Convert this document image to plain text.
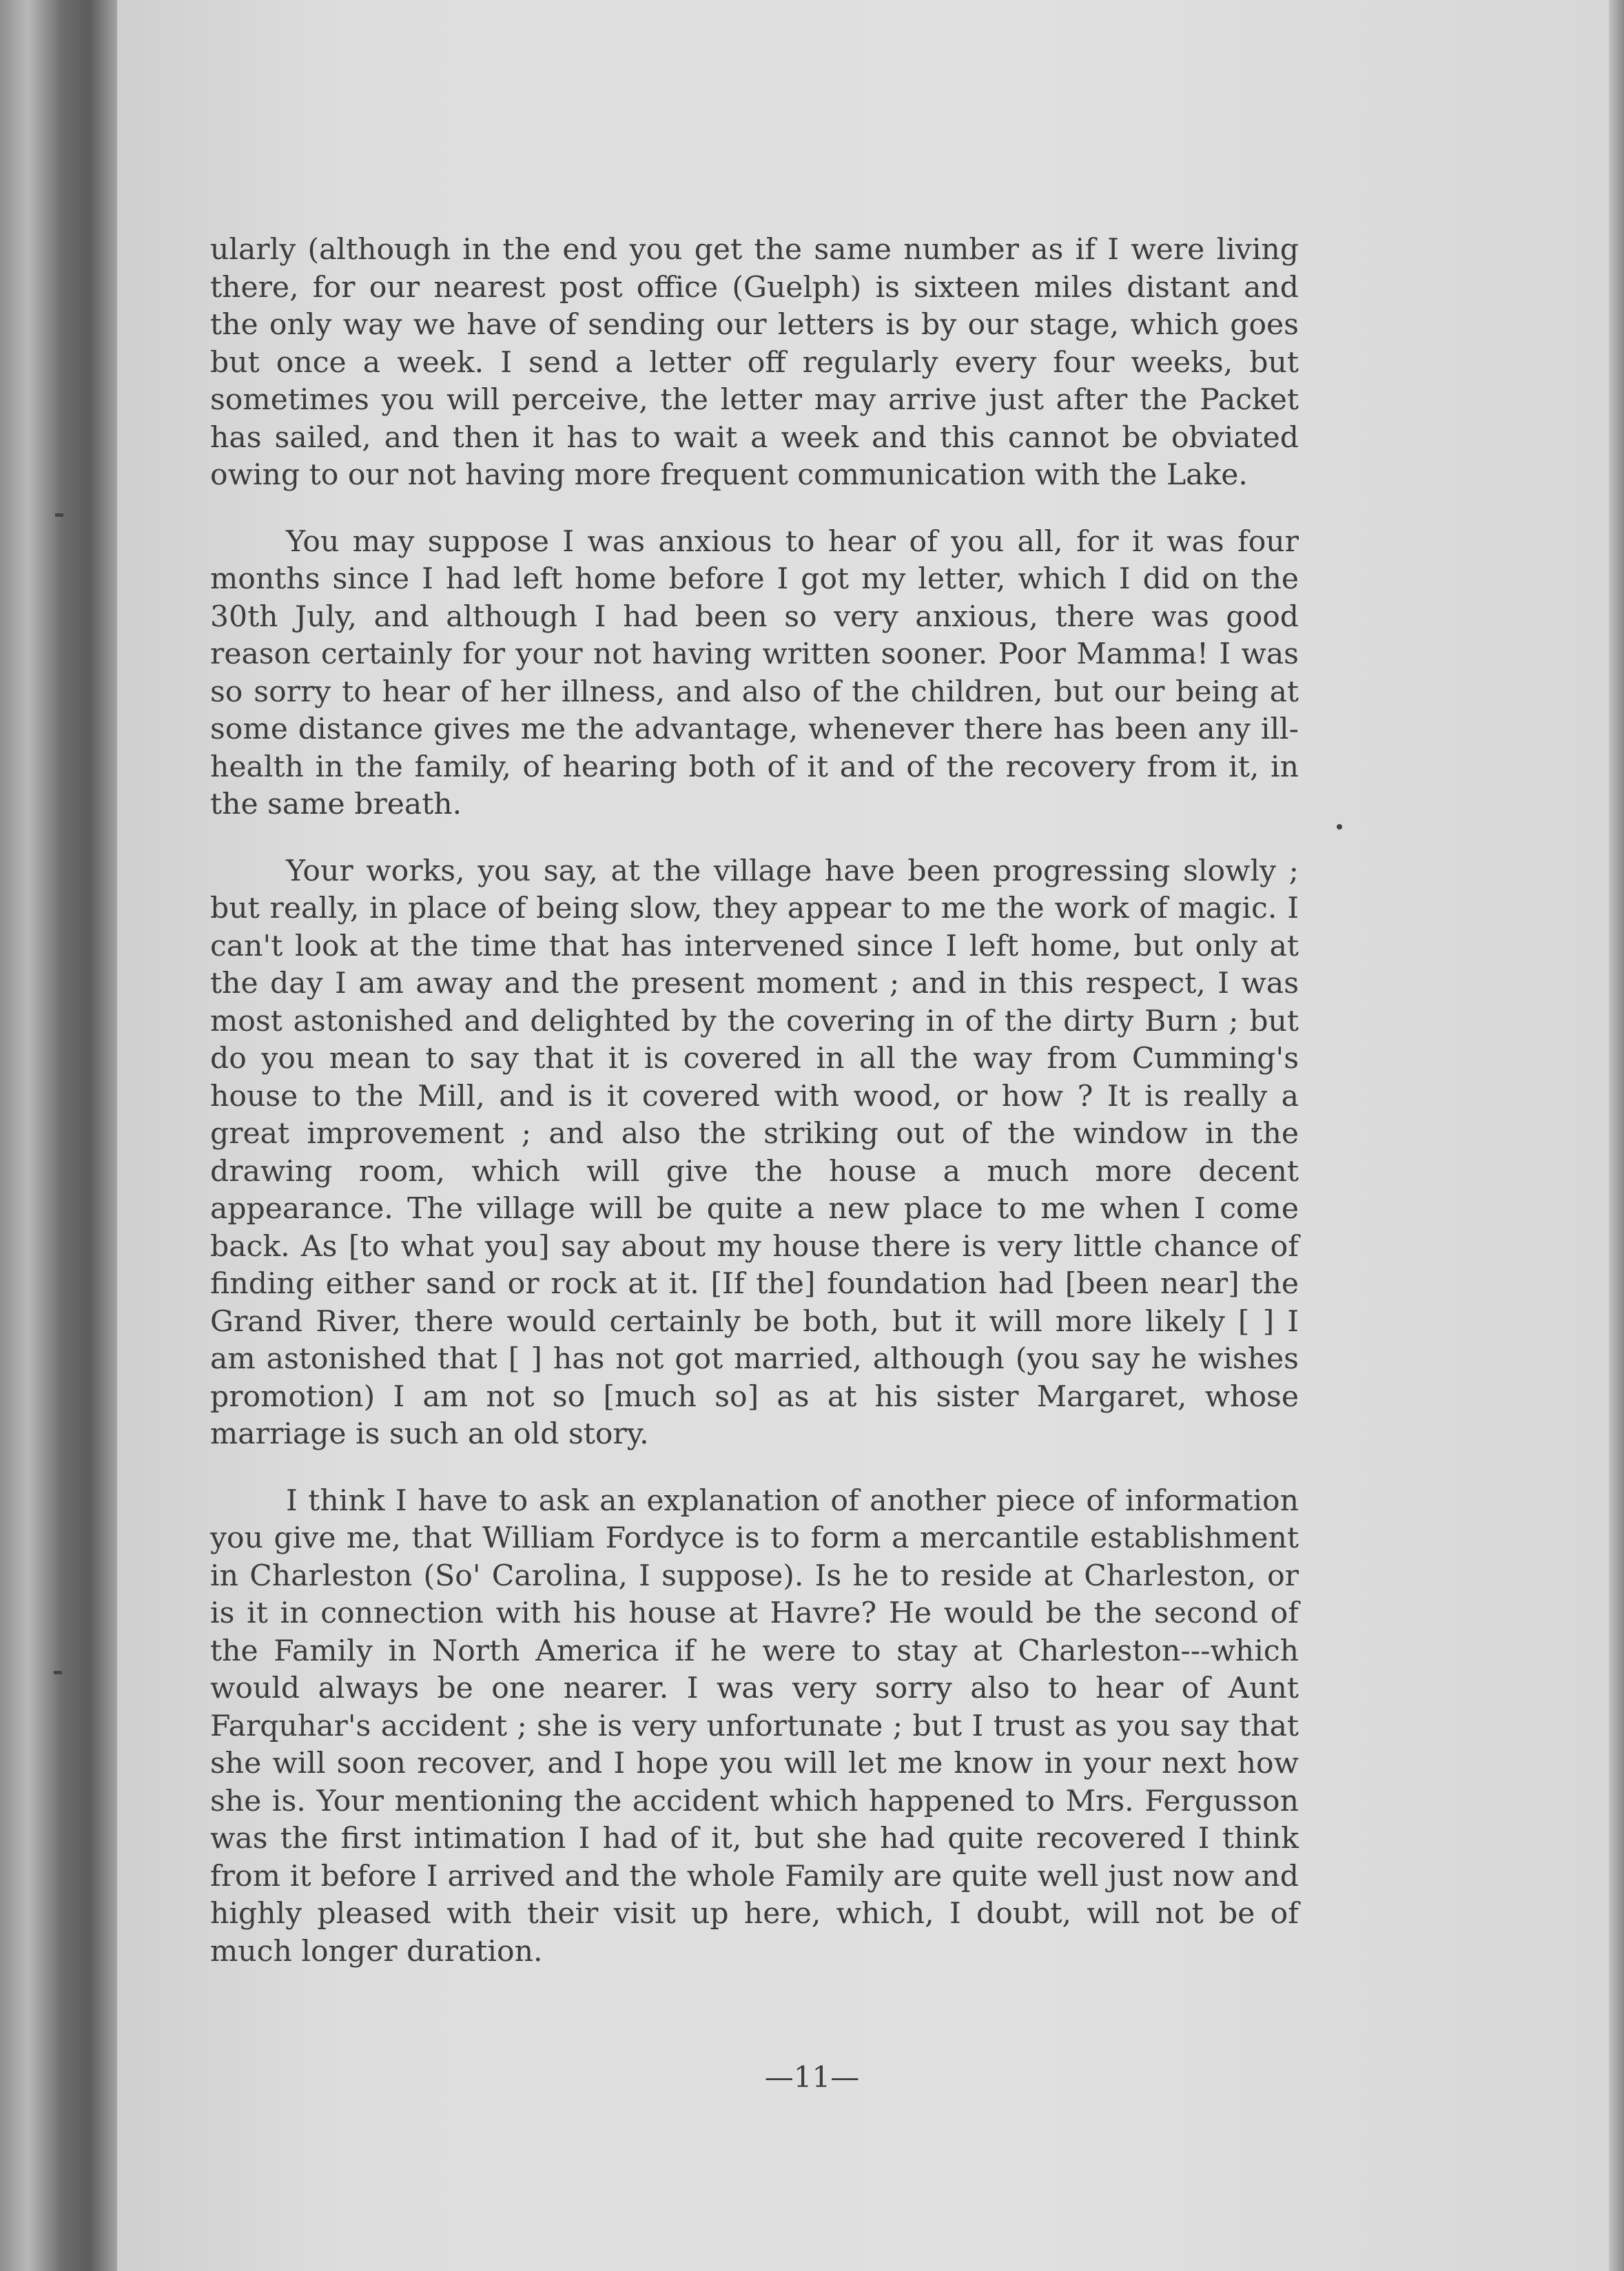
ularly (although in the end you get the same number as if I were living there, for our nearest post office (Guelph) is sixteen miles distant and the only way we have of sending our letters is by our stage, which goes but once a week. I send a letter off regularly every four weeks, but sometimes you will perceive, the letter may arrive just after the Packet has sailed, and then it has to wait a week and this cannot be obviated owing to our not having more frequent communication with the Lake.

You may suppose I was anxious to hear of you all, for it was four months since I had left home before I got my letter, which I did on the 30th July, and although I had been so very anxious, there was good reason certainly for your not having written sooner. Poor Mamma! I was so sorry to hear of her illness, and also of the children, but our being at some distance gives me the advantage, whenever there has been any ill-health in the family, of hearing both of it and of the recovery from it, in the same breath.

Your works, you say, at the village have been progressing slowly ; but really, in place of being slow, they appear to me the work of magic. I can't look at the time that has intervened since I left home, but only at the day I am away and the present moment ; and in this respect, I was most astonished and delighted by the covering in of the dirty Burn ; but do you mean to say that it is covered in all the way from Cumming's house to the Mill, and is it covered with wood, or how ? It is really a great improvement ; and also the striking out of the window in the drawing room, which will give the house a much more decent appearance. The village will be quite a new place to me when I come back. As [to what you] say about my house there is very little chance of finding either sand or rock at it. [If the] foundation had [been near] the Grand River, there would certainly be both, but it will more likely [ ] I am astonished that [ ] has not got married, although (you say he wishes promotion) I am not so [much so] as at his sister Margaret, whose marriage is such an old story.

I think I have to ask an explanation of another piece of information you give me, that William Fordyce is to form a mercantile establishment in Charleston (So' Carolina, I suppose). Is he to reside at Charleston, or is it in connection with his house at Havre? He would be the second of the Family in North America if he were to stay at Charleston---which would always be one nearer. I was very sorry also to hear of Aunt Farquhar's accident ; she is very unfortunate ; but I trust as you say that she will soon recover, and I hope you will let me know in your next how she is. Your mentioning the accident which happened to Mrs. Fergusson was the first intimation I had of it, but she had quite recovered I think from it before I arrived and the whole Family are quite well just now and highly pleased with their visit up here, which, I doubt, will not be of much longer duration.

—11—
